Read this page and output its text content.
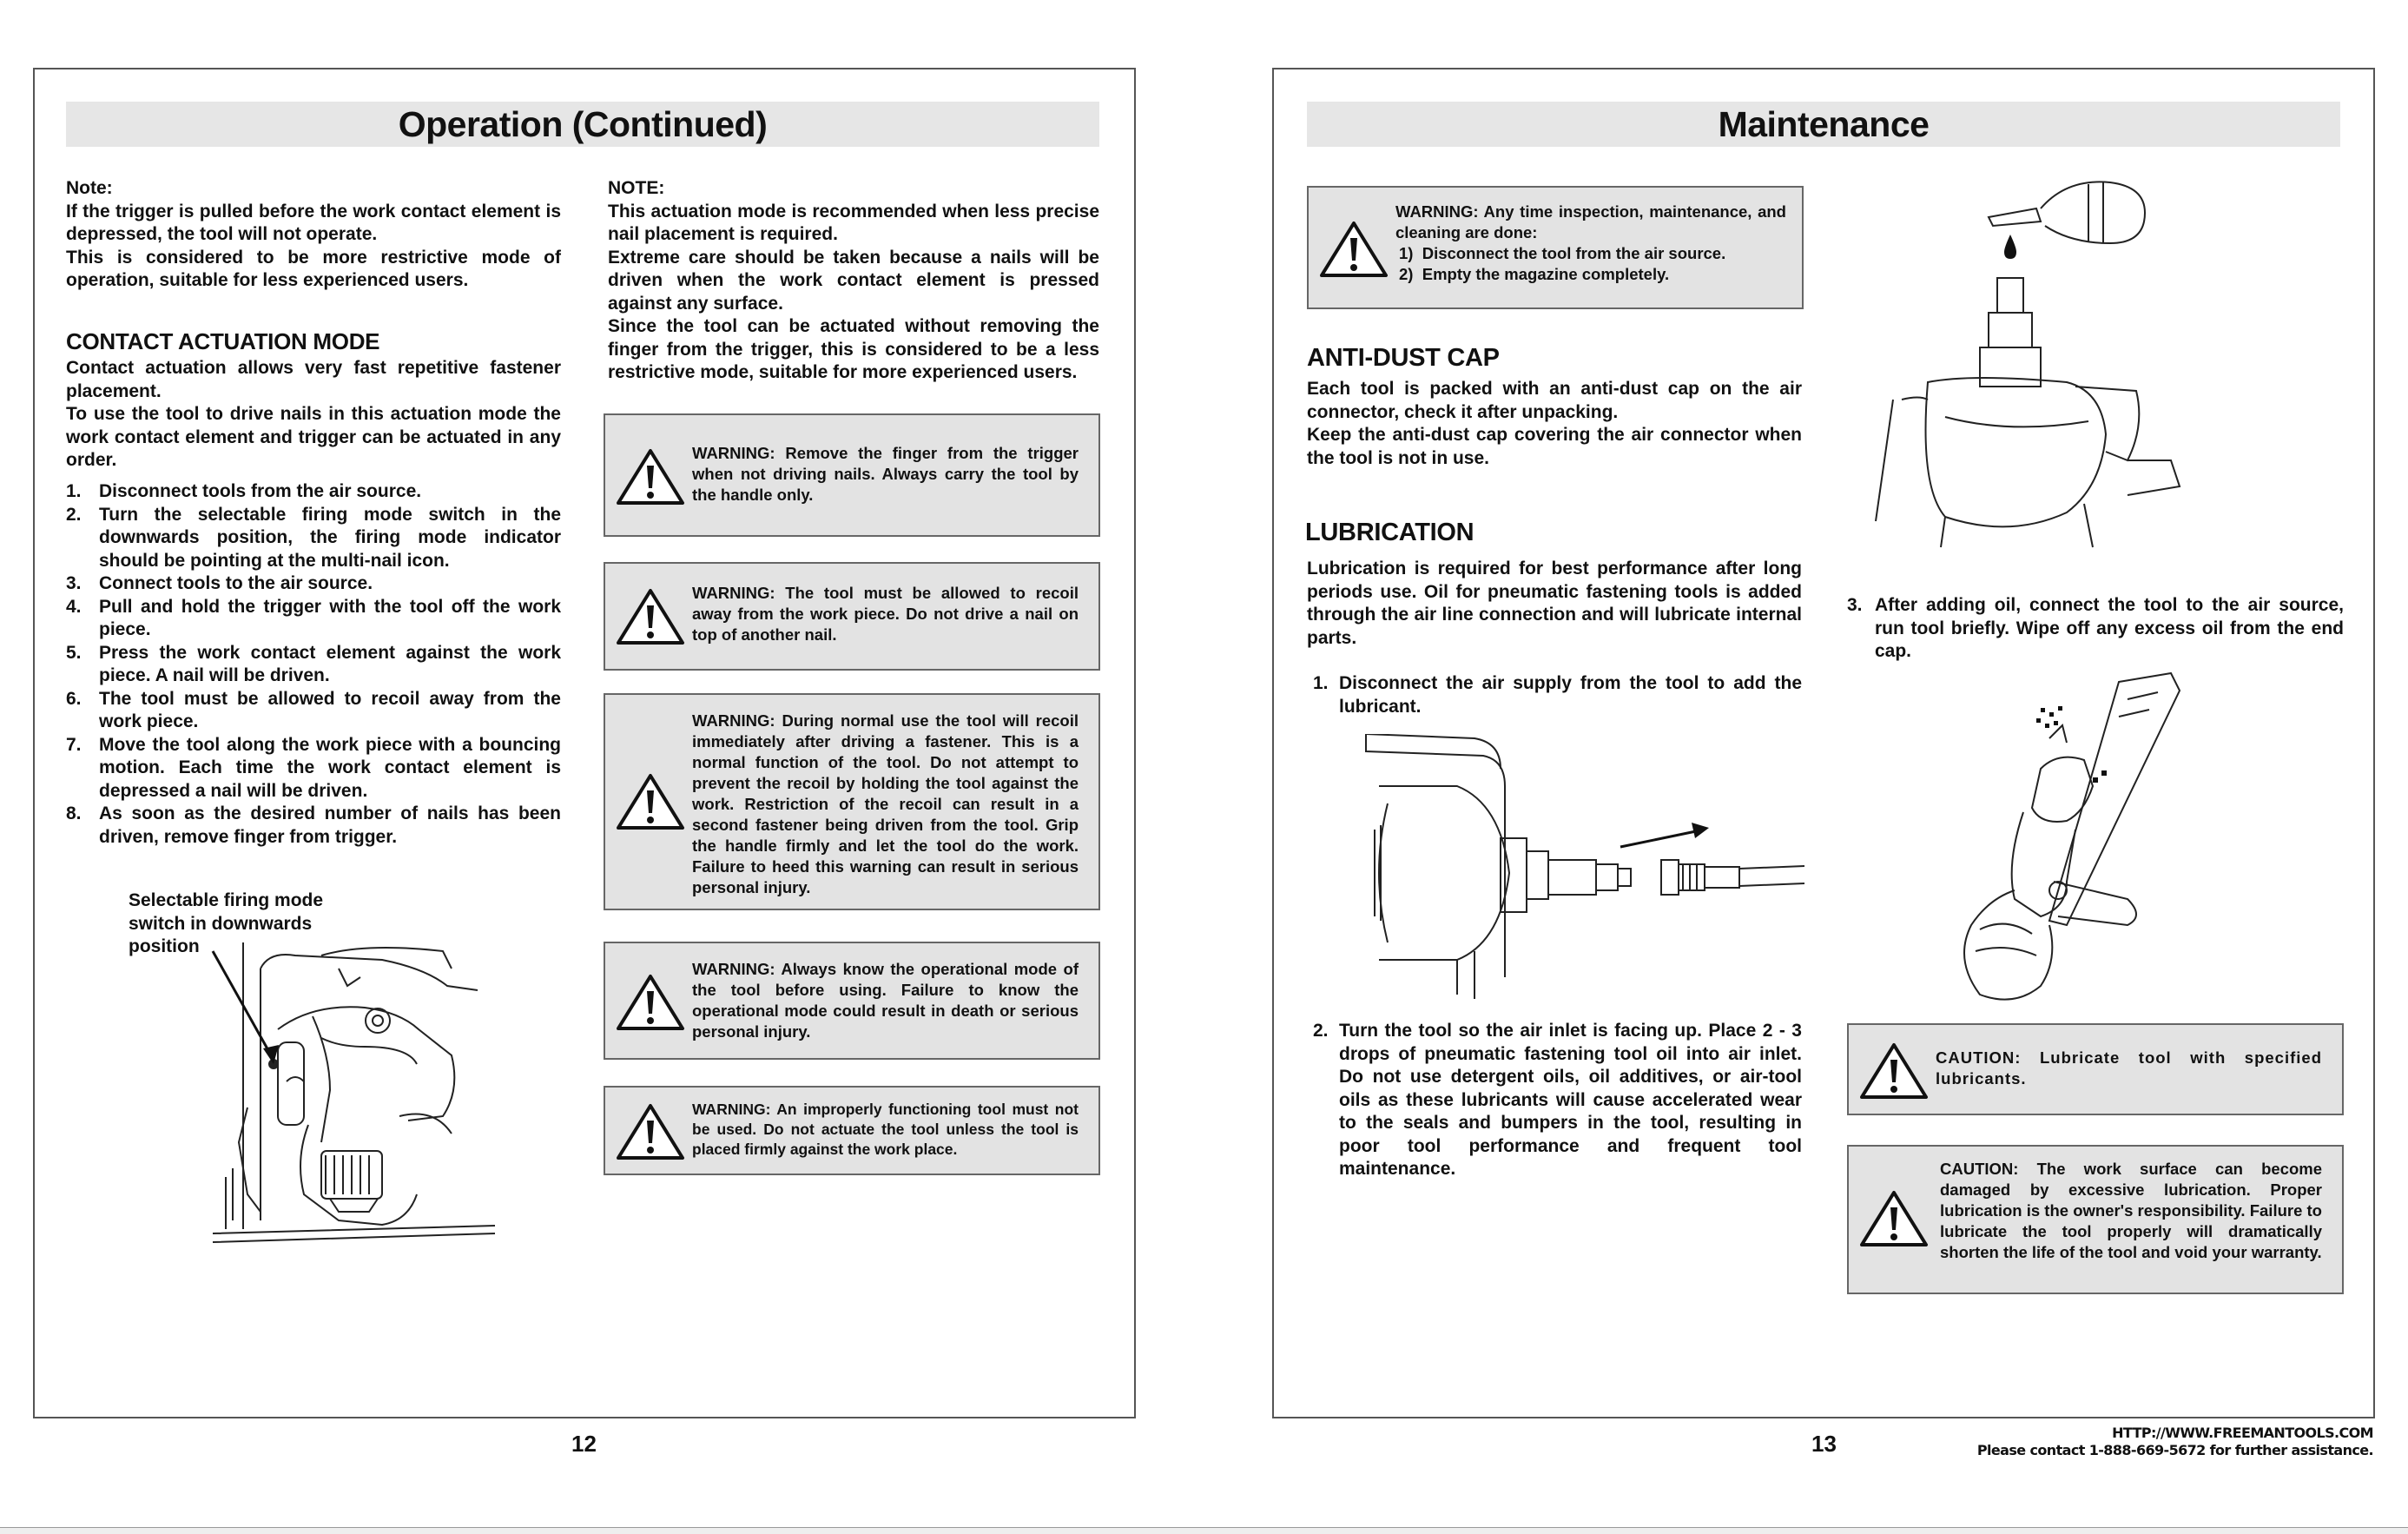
Operation (Continued)

Note:

If the trigger is pulled before the work contact element is depressed, the tool will not operate.

This is considered to be more restrictive mode of operation, suitable for less experienced users.

CONTACT ACTUATION MODE

Contact actuation allows very fast repetitive fastener placement.

To use the tool to drive nails in this actuation mode the work contact element and trigger can be actuated in any order.

1. Disconnect tools from the air source.
2. Turn the selectable firing mode switch in the downwards position, the firing mode indicator should be pointing at the multi-nail icon.
3. Connect tools to the air source.
4. Pull and hold the trigger with the tool off the work piece.
5. Press the work contact element against the work piece. A nail will be driven.
6. The tool must be allowed to recoil away from the work piece.
7. Move the tool along the work piece with a bouncing motion. Each time the work contact element is depressed a nail will be driven.
8. As soon as the desired number of nails has been driven, remove finger from trigger.

Selectable firing mode

switch in downwards

position

NOTE:

This actuation mode is recommended when less precise nail placement is required.

Extreme care should be taken because a nails will be driven when the work contact element is pressed against any surface.

Since the tool can be actuated without removing the finger from the trigger, this is considered to be a less restrictive mode, suitable for more experienced users.

WARNING: Remove the finger from the trigger when not driving nails. Always carry the tool by the handle only.
WARNING: The tool must be allowed to recoil away from the work piece. Do not drive a nail on top of another nail.
WARNING: During normal use the tool will recoil immediately after driving a fastener. This is a normal function of the tool. Do not attempt to prevent the recoil by holding the tool against the work. Restriction of the recoil can result in a second fastener being driven from the tool. Grip the handle firmly and let the tool do the work. Failure to heed this warning can result in serious personal injury.
WARNING: Always know the operational mode of the tool before using. Failure to know the operational mode could result in death or serious personal injury.
WARNING: An improperly functioning tool must not be used. Do not actuate the tool unless the tool is placed firmly against the work place.
12
Maintenance
WARNING: Any time inspection, maintenance, and cleaning are done:
1)  Disconnect the tool from the air source.
2)  Empty the magazine completely.
ANTI-DUST CAP

Each tool is packed with an anti-dust cap on the air connector, check it after unpacking.

Keep the anti-dust cap covering the air connector when the tool is not in use.

LUBRICATION

Lubrication is required for best performance after long periods use. Oil for pneumatic fastening tools is added through the air line connection and will lubricate internal parts.

1. Disconnect the air supply from the tool to add the lubricant.
2. Turn the tool so the air inlet is facing up. Place 2 - 3 drops of pneumatic fastening tool oil into air inlet. Do not use detergent oils, oil additives, or air-tool oils as these lubricants will cause accelerated wear to the seals and bumpers in the tool, resulting in poor tool performance and frequent tool maintenance.
3. After adding oil, connect the tool to the air source, run tool briefly. Wipe off any excess oil from the end cap.
CAUTION: Lubricate tool with specified lubricants.
CAUTION: The work surface can become damaged by excessive lubrication. Proper lubrication is the owner's responsibility. Failure to lubricate the tool properly will dramatically shorten the life of the tool and void your warranty.
13	HTTP://WWW.FREEMANTOOLS.COM
Please contact 1-888-669-5672 for further assistance.
